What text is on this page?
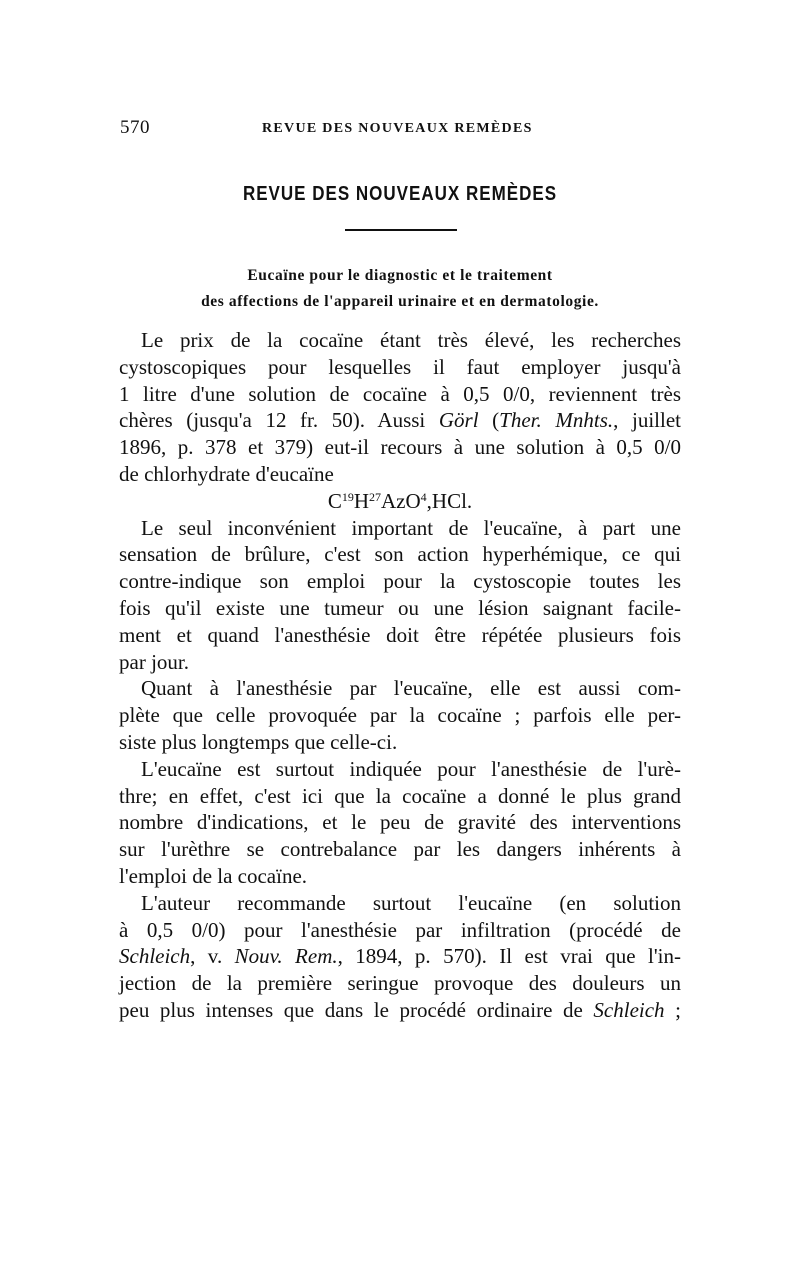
570	REVUE DES NOUVEAUX REMÈDES
REVUE DES NOUVEAUX REMÈDES
Eucaïne pour le diagnostic et le traitement
des affections de l'appareil urinaire et en dermatologie.
Le prix de la cocaïne étant très élevé, les recherches
cystoscopiques pour lesquelles il faut employer jusqu'à
1 litre d'une solution de cocaïne à 0,5 0/0, reviennent très
chères (jusqu'a 12 fr. 50). Aussi Görl (Ther. Mnhts., juillet
1896, p. 378 et 379) eut-il recours à une solution à 0,5 0/0
de chlorhydrate d'eucaïne
$C^{19}H^{27}AzO^4,HCl$.
Le seul inconvénient important de l'eucaïne, à part une
sensation de brûlure, c'est son action hyperhémique, ce qui
contre-indique son emploi pour la cystoscopie toutes les
fois qu'il existe une tumeur ou une lésion saignant facile-
ment et quand l'anesthésie doit être répétée plusieurs fois
par jour.
Quant à l'anesthésie par l'eucaïne, elle est aussi com-
plète que celle provoquée par la cocaïne ; parfois elle per-
siste plus longtemps que celle-ci.
L'eucaïne est surtout indiquée pour l'anesthésie de l'urè-
thre; en effet, c'est ici que la cocaïne a donné le plus grand
nombre d'indications, et le peu de gravité des interventions
sur l'urèthre se contrebalance par les dangers inhérents à
l'emploi de la cocaïne.
L'auteur recommande surtout l'eucaïne (en solution
à 0,5 0/0) pour l'anesthésie par infiltration (procédé de
Schleich, v. Nouv. Rem., 1894, p. 570). Il est vrai que l'in-
jection de la première seringue provoque des douleurs un
peu plus intenses que dans le procédé ordinaire de Schleich ;
